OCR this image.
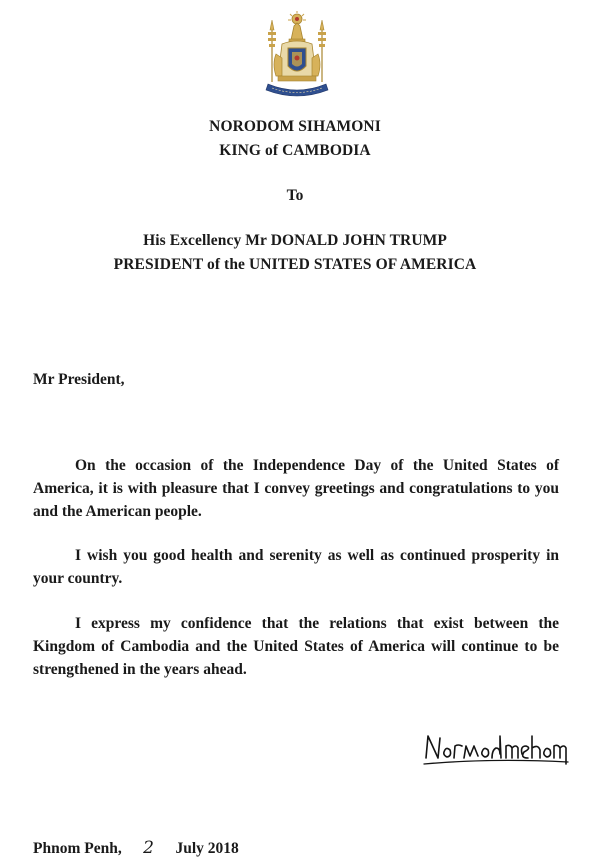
NORODOM SIHAMONI
KING of CAMBODIA
To
His Excellency Mr DONALD JOHN TRUMP
PRESIDENT of the UNITED STATES OF AMERICA
Mr President,
On the occasion of the Independence Day of the United States of America, it is with pleasure that I convey greetings and congratulations to you and the American people.
I wish you good health and serenity as well as continued prosperity in your country.
I express my confidence that the relations that exist between the Kingdom of Cambodia and the United States of America will continue to be strengthened in the years ahead.
Phnom Penh, 2 July 2018
